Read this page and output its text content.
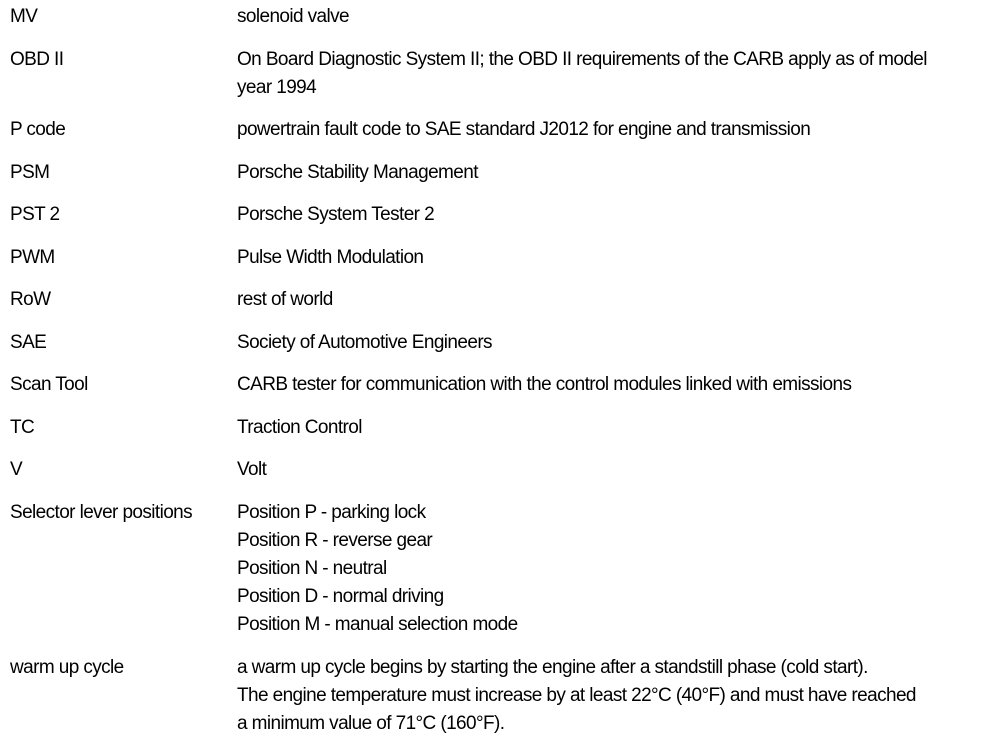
MV	solenoid valve
OBD II	On Board Diagnostic System II; the OBD II requirements of the CARB apply as of model
year 1994
P code	powertrain fault code to SAE standard J2012 for engine and transmission
PSM	Porsche Stability Management
PST 2	Porsche System Tester 2
PWM	Pulse Width Modulation
RoW	rest of world
SAE	Society of Automotive Engineers
Scan Tool	CARB tester for communication with the control modules linked with emissions
TC	Traction Control
V	Volt
Selector lever positions	Position P - parking lock
Position R - reverse gear
Position N - neutral
Position D - normal driving
Position M - manual selection mode
warm up cycle	a warm up cycle begins by starting the engine after a standstill phase (cold start).
The engine temperature must increase by at least 22°C (40°F) and must have reached
a minimum value of 71°C (160°F).
